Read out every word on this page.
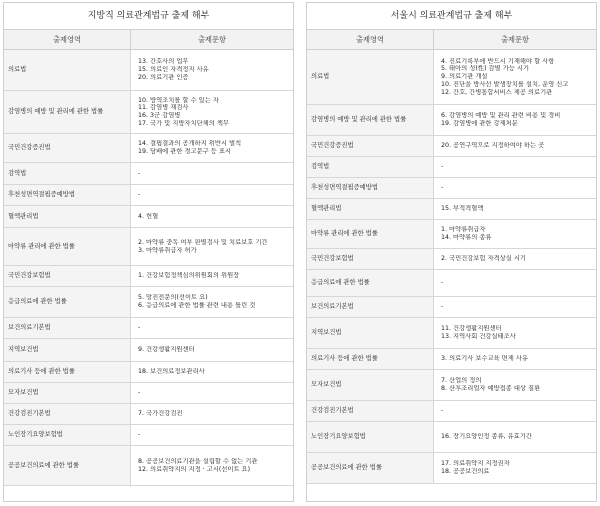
지방직 의료관계법규 출제 해부
출제영역	출제문항
의료법	13. 간호사의 업무
15. 의료인 자격정지 사유
20. 의료기관 인증

감염병의 예방 및 관리에 관한 법률	10. 방역조치를 할 수 있는 자
11. 감염병 재검사
16. 3군 감염병
17. 국가 및 지방자치단체의 책무

국민건강증진법	14. 결핍결과의 공개하지 위반시 벌칙
19. 담배에 관한 경고문구 등 표시

검역법	-

후천성면역결핍증예방법	-

혈액관리법	4. 헌혈

마약류 관리에 관한 법률	2. 마약류 중독 여부 판별검사 및 치료보호 기간
3. 마약류취급자 허가

국민건강보험법	1. 건강보험정책심의위원회의 위원장

응급의료에 관한 법률	5. 망진전문의(선이트 요)
6. 응급의료에 관한 법률 관련 내용 틀린 것

보건의료기본법	-

지역보건법	9. 건강생활지원센터

의료기사 등에 관한 법률	18. 보건의료정보관리사

모자보건법	-

건강검진기본법	7. 국가건강검진

노인장기요양보험법	-

공공보건의료에 관한 법률	8. 공공보건의료기관을 설립할 수 없는 기관
12. 의료취약지의 지정 · 고시(선이트 요)
서울시 의료관계법규 출제 해부
출제영역	출제문항
의료법	4. 진료기록부에 반드시 기재해야 할 사항
5. 태아의 성(性) 감별 가능 시기
9. 의료기관 개설
10. 진단을 방사선 발생장치를 설치, 운영 신고
12. 간호, 간병통합서비스 제공 의료기관

감염병의 예방 및 관리에 관한 법률	6. 감염병의 예방 및 관리 관련 비용 및 경비
19. 감염병에 관한 강제처분

국민건강증진법	20. 공연구역으로 지정하여야 하는 곳

검역법	-

후천성면역결핍증예방법	-

혈액관리법	15. 부적격혈액

마약류 관리에 관한 법률	1. 마약류취급자
14. 마약류의 종류

국민건강보험법	2. 국민건강보험 자격상실 시기

응급의료에 관한 법률	-

보건의료기본법	-

지역보건법	11. 건강생활지원센터
13. 지역사회 건강실태조사

의료기사 등에 관한 법률	3. 의료기사 보수교육 면제 사유

모자보건법	7. 산업의 정의
8. 산후조리업자 예방접종 대상 질환

건강검진기본법	-

노인장기요양보험법	16. 장기요양인정 종류, 유효기간

공공보건의료에 관한 법률	17. 의료취약지 지정권자
18. 공공보건의료
